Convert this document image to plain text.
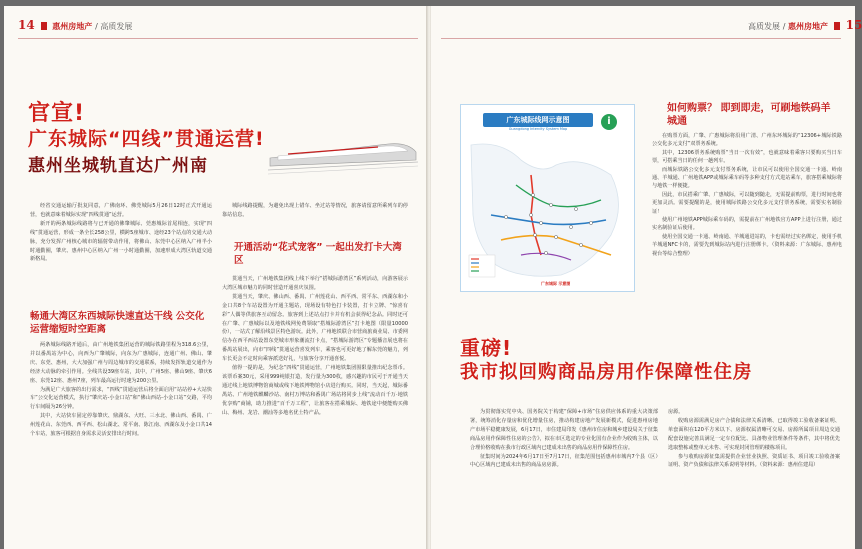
14 惠州房地产 / 高质发展
官宣!
广东城际“四线”贯通运营!
惠州坐城轨直达广州南

经省交通运输厅批复同意，广佛南环、佛莞城际5月26日12时正式开通运营，也就意味着城际实现“四线贯通”运营。

新开的两条城际线路将与已开通的佛肇城际、莞惠城际首尾相连，实现“四线”贯通运营，形成一条全长258公里，横跨5座城市、途经23个站点的交通大动脉，充分发挥广州核心城市的辐射带动作用，将佛山、东莞中心区纳入广州半小时通勤圈，肇庆、惠州中心区纳入广州一小时通勤圈，加速形成大湾区轨道交通新格局。

畅通大湾区东西城际快速直达干线 公交化运营缩短时空距离

两条城际线路开通后，由广州地铁集团运营的城际铁路里程为318.6公里，并以番禺站为中心，向西为广肇城际，向东为广惠城际，连通广州、佛山、肇庆、东莞、惠州，大大加强广州与周边城市的交通联系，持续发挥轨道交通作为经济大动脉的牵引作用。全线共设39座车站，其中，广州5座、佛山9座、肇庆6座、东莞12座、惠州7座，列车最高运行时速为200公里。

为满足广大旅客的出行需求，“四线”贯通运营后将全面启用“站站停+大站快车”公交化运营模式，执行“肇庆站-小金口站”和“佛山西站-小金口站”交路，平均行车间隔为26分钟。

其中，大站快车固定停靠肇庆、鼎湖东、大旺、三水北、佛山西、番禺、广州莲花山、东莞西、西平西、松山湖北、常平南、陈江南、西湖东及小金口共14个车站，旅客可根据自身需求灵活安排出行时间。

城际线路提醒，为避免出现上错车、坐过站等情况，旅客请留意所乘列车的停靠站信息。

开通活动“花式宠客” 一起出发打卡大湾区

贯通当天，广州地铁集团线上线下举行“搭城际游湾区”系列活动，向游客展示大湾区城市魅力的同时营造开通喜庆氛围。

贯通当天，肇庆、佛山西、番禺、广州莲花山、西平西、常平东、西湖东和小金口共8个车站设置为开通主题站，现场设有特色打卡装置，打卡立牌、“惊喜有彩”人偶等供旅客互动留念。旅客到上述站点打卡并有机会获得纪念品。同时还可在广肇、广惠城际以及地铁线网免费领取“搭城际游湾区”打卡地图（限量10000份），一站式了解沿线景区特色游玩。此外，广州地铁联合市营商旅商业局、市委网信办在西平西站设置东莞城市形象潮流打卡点，“搭城际游湾区”专题播音展也将在番禺站展出，向市“四线”贯通运营喜发列车，乘客也可更好地了解东莞的魅力，列车长更会不定时向乘客派送好礼，与旅客分享开通喜悦。

值得一提的是，为纪念“四线”贯通运营，广州地铁集团围限量推出纪念票币。该票币案30元，采用999纯银打造，发行量为300枚，感兴趣的市民可于开通当天通过线上地铁博物馆商城或线下地铁博物馆小店进行购买。同时，当天起，城际番禺站、广州地铁麒麟沙站、南村万博站和番禺广场站将同步上线“流动百千万·地铁优享购”商铺，助力推进“百千万工程”，让旅客在搭乘城际、地铁途中便能购买佛山、梅州、龙岩、潮汕等多地名优土特产品。

高质发展 / 惠州房地产 15
广东城际线网示意图
Guangdong Intercity System Map
i
广东城际 示意图
如何购票？ 即到即走，可刷地铁码羊城通

在购票方面，广肇、广惠城际将沿用广清、广州东环城际的“12306+城际铁路公交化多元支付”双票务系统。

其中，12306票务系统购票“当日一次有效”，也就意味着乘客只要购买当日车票，可搭乘当日的任何一趟列车。

而城际铁路公交化多元支付票务系统，让市民可以使用全国交通一卡通、岭南通、羊城通、广州地铁APP或城际乘车码等多种支付方式进站乘车，旅客搭乘城际将与地铁一样便捷。

因此，市民搭乘广肇、广惠城际，可以随到随走，无需提前购票，进行时间也将更加灵活。需要提醒的是，使用城际铁路公交化多元支付票务系统，需要实名制验证！

使用广州地铁APP城际乘车码的，需提前在广州地铁官方APP上进行注册，通过实名制验证后使用。

使用全国交通一卡通、岭南通、羊城通进站的，卡也需经过实名绑定，使用手机羊城通NFC卡的，需要先到城际站内进行注册绑卡。（资料来源：广东城际、惠州电视台等综合整理）

重磅!
我市拟回购商品房用作保障性住房

为贯彻落实党中央、国务院关于构建“保障+市场”住房供应体系的重大决策部署，统筹消化存量房和优化增量住房，推动构建房地产发展新模式，促进惠州房地产市场平稳健康发展，6月17日，市住建局印发《惠州市住房和城乡建设局关于征集商品房用作保障性住房的公告》，拟在市区选定的专业化国有企业作为收购主体，以合理价格收购在我市行政区域内已建成未出售的商品房用作保障性住房。

征集时间为2024年6月17日至7月17日，征集范围包括惠州市城内7个县（区）中心区域内已建成未出售的商品房房源。

房源。

收购房源需满足房产合债和法律关系清晰、已取得竣工验收备案证明、单套面积在120平方米以下、房源权属清晰可交易、房源所属项目周边交通配套设施完善具满足一定车位配比、具备物业管理条件等条件，其中将优先选取整栋或整单元未售、可实现封闭管理的楼栋项目。

参与收购房源征集需提供企业营业执照、资质证书、项目竣工验收备案证明、资产负债和法律关系说明等材料。（资料来源：惠州住建局）
